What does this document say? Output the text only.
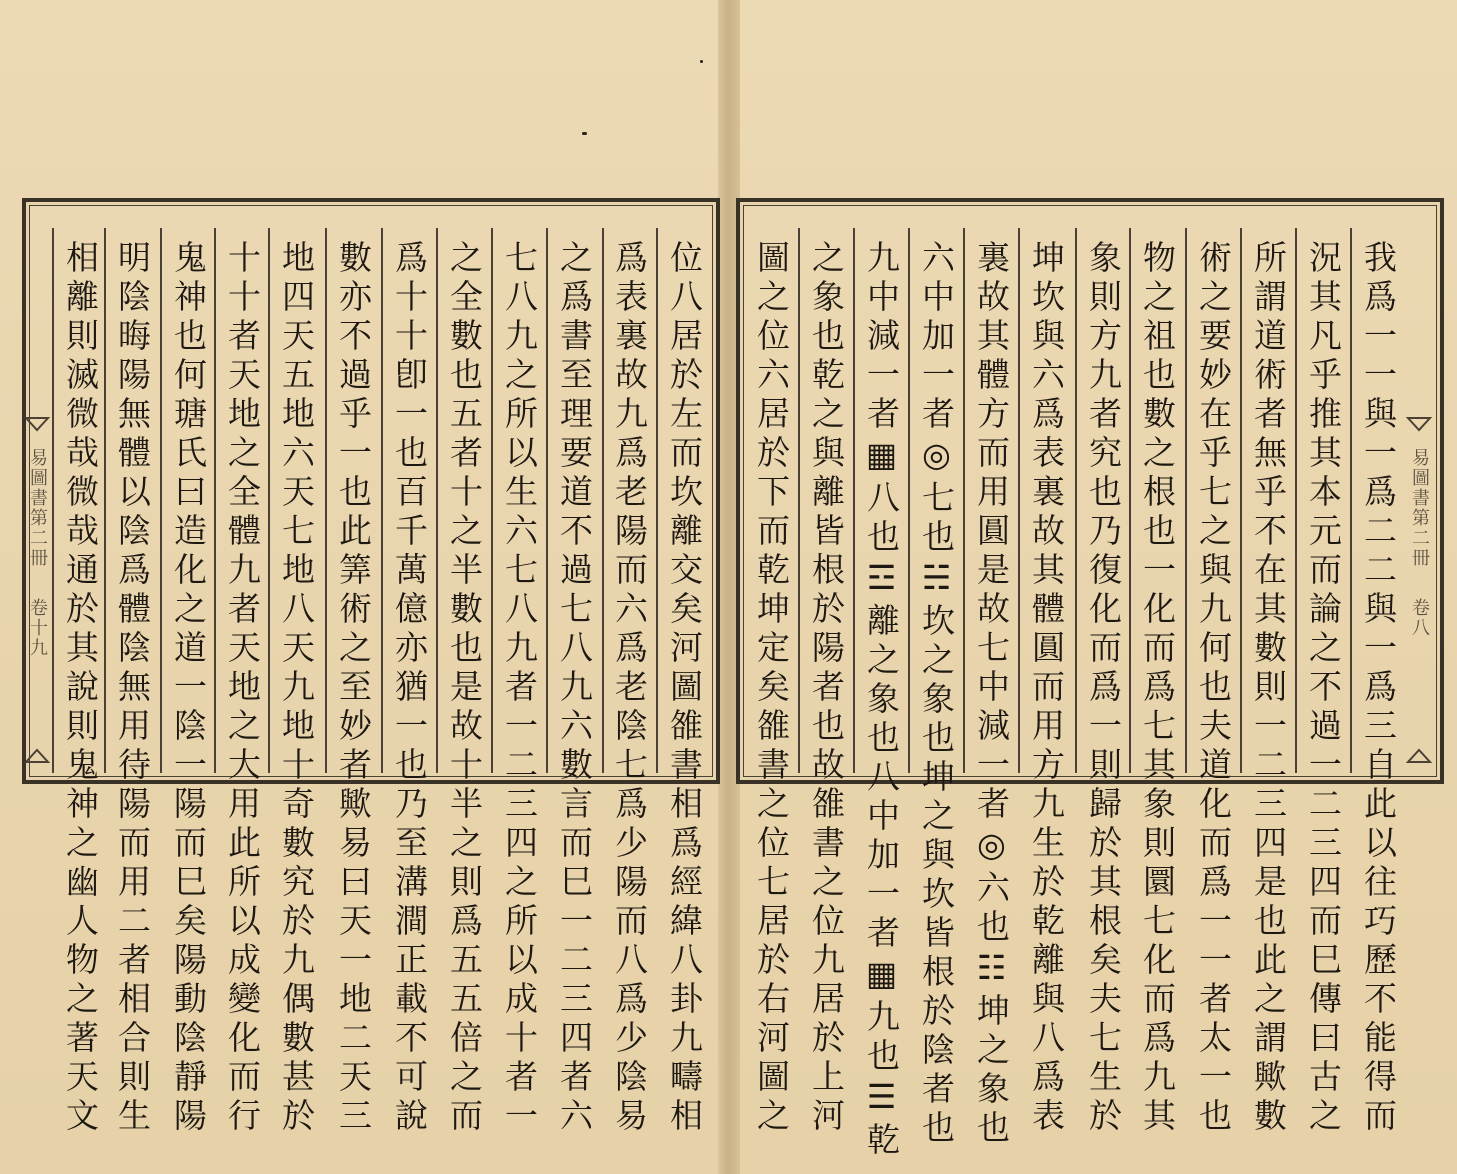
易圖書第二冊
卷十九
易圖書第二冊
卷八
位八居於左而坎離交矣河圖雒書相爲經緯八卦九疇相
爲表裏故九爲老陽而六爲老陰七爲少陽而八爲少陰易
之爲書至理要道不過七八九六數言而巳一二三四者六
七八九之所以生六七八九者一二三四之所以成十者一
之全數也五者十之半數也是故十半之則爲五五倍之而
爲十十卽一也百千萬億亦猶一也乃至溝澗正載不可說
數亦不過乎一也此筭術之至妙者歟易曰天一地二天三
地四天五地六天七地八天九地十奇數究於九偶數甚於
十十者天地之全體九者天地之大用此所以成變化而行
鬼神也何瑭氏曰造化之道一陰一陽而巳矣陽動陰靜陽
明陰晦陽無體以陰爲體陰無用待陽而用二者相合則生
相離則滅微哉微哉通於其說則鬼神之幽人物之著天文	我爲一一與一爲二二與一爲三自此以往巧歷不能得而
況其凡乎推其本元而論之不過一二三四而巳傳曰古之
所謂道術者無乎不在其數則一二三四是也此之謂歟數
術之要妙在乎七之與九何也夫道化而爲一一者太一也
物之祖也數之根也一化而爲七其象則圜七化而爲九其
象則方九者究也乃復化而爲一則歸於其根矣夫七生於
坤坎與六爲表裏故其體圓而用方九生於乾離與八爲表
裏故其體方而用圓是故七中減一者◎六也☷坤之象也
六中加一者◎七也☵坎之象也坤之與坎皆根於陰者也
九中減一者▦八也☲離之象也八中加一者▦九也☰乾
之象也乾之與離皆根於陽者也故雒書之位九居於上河
圖之位六居於下而乾坤定矣雒書之位七居於右河圖之
